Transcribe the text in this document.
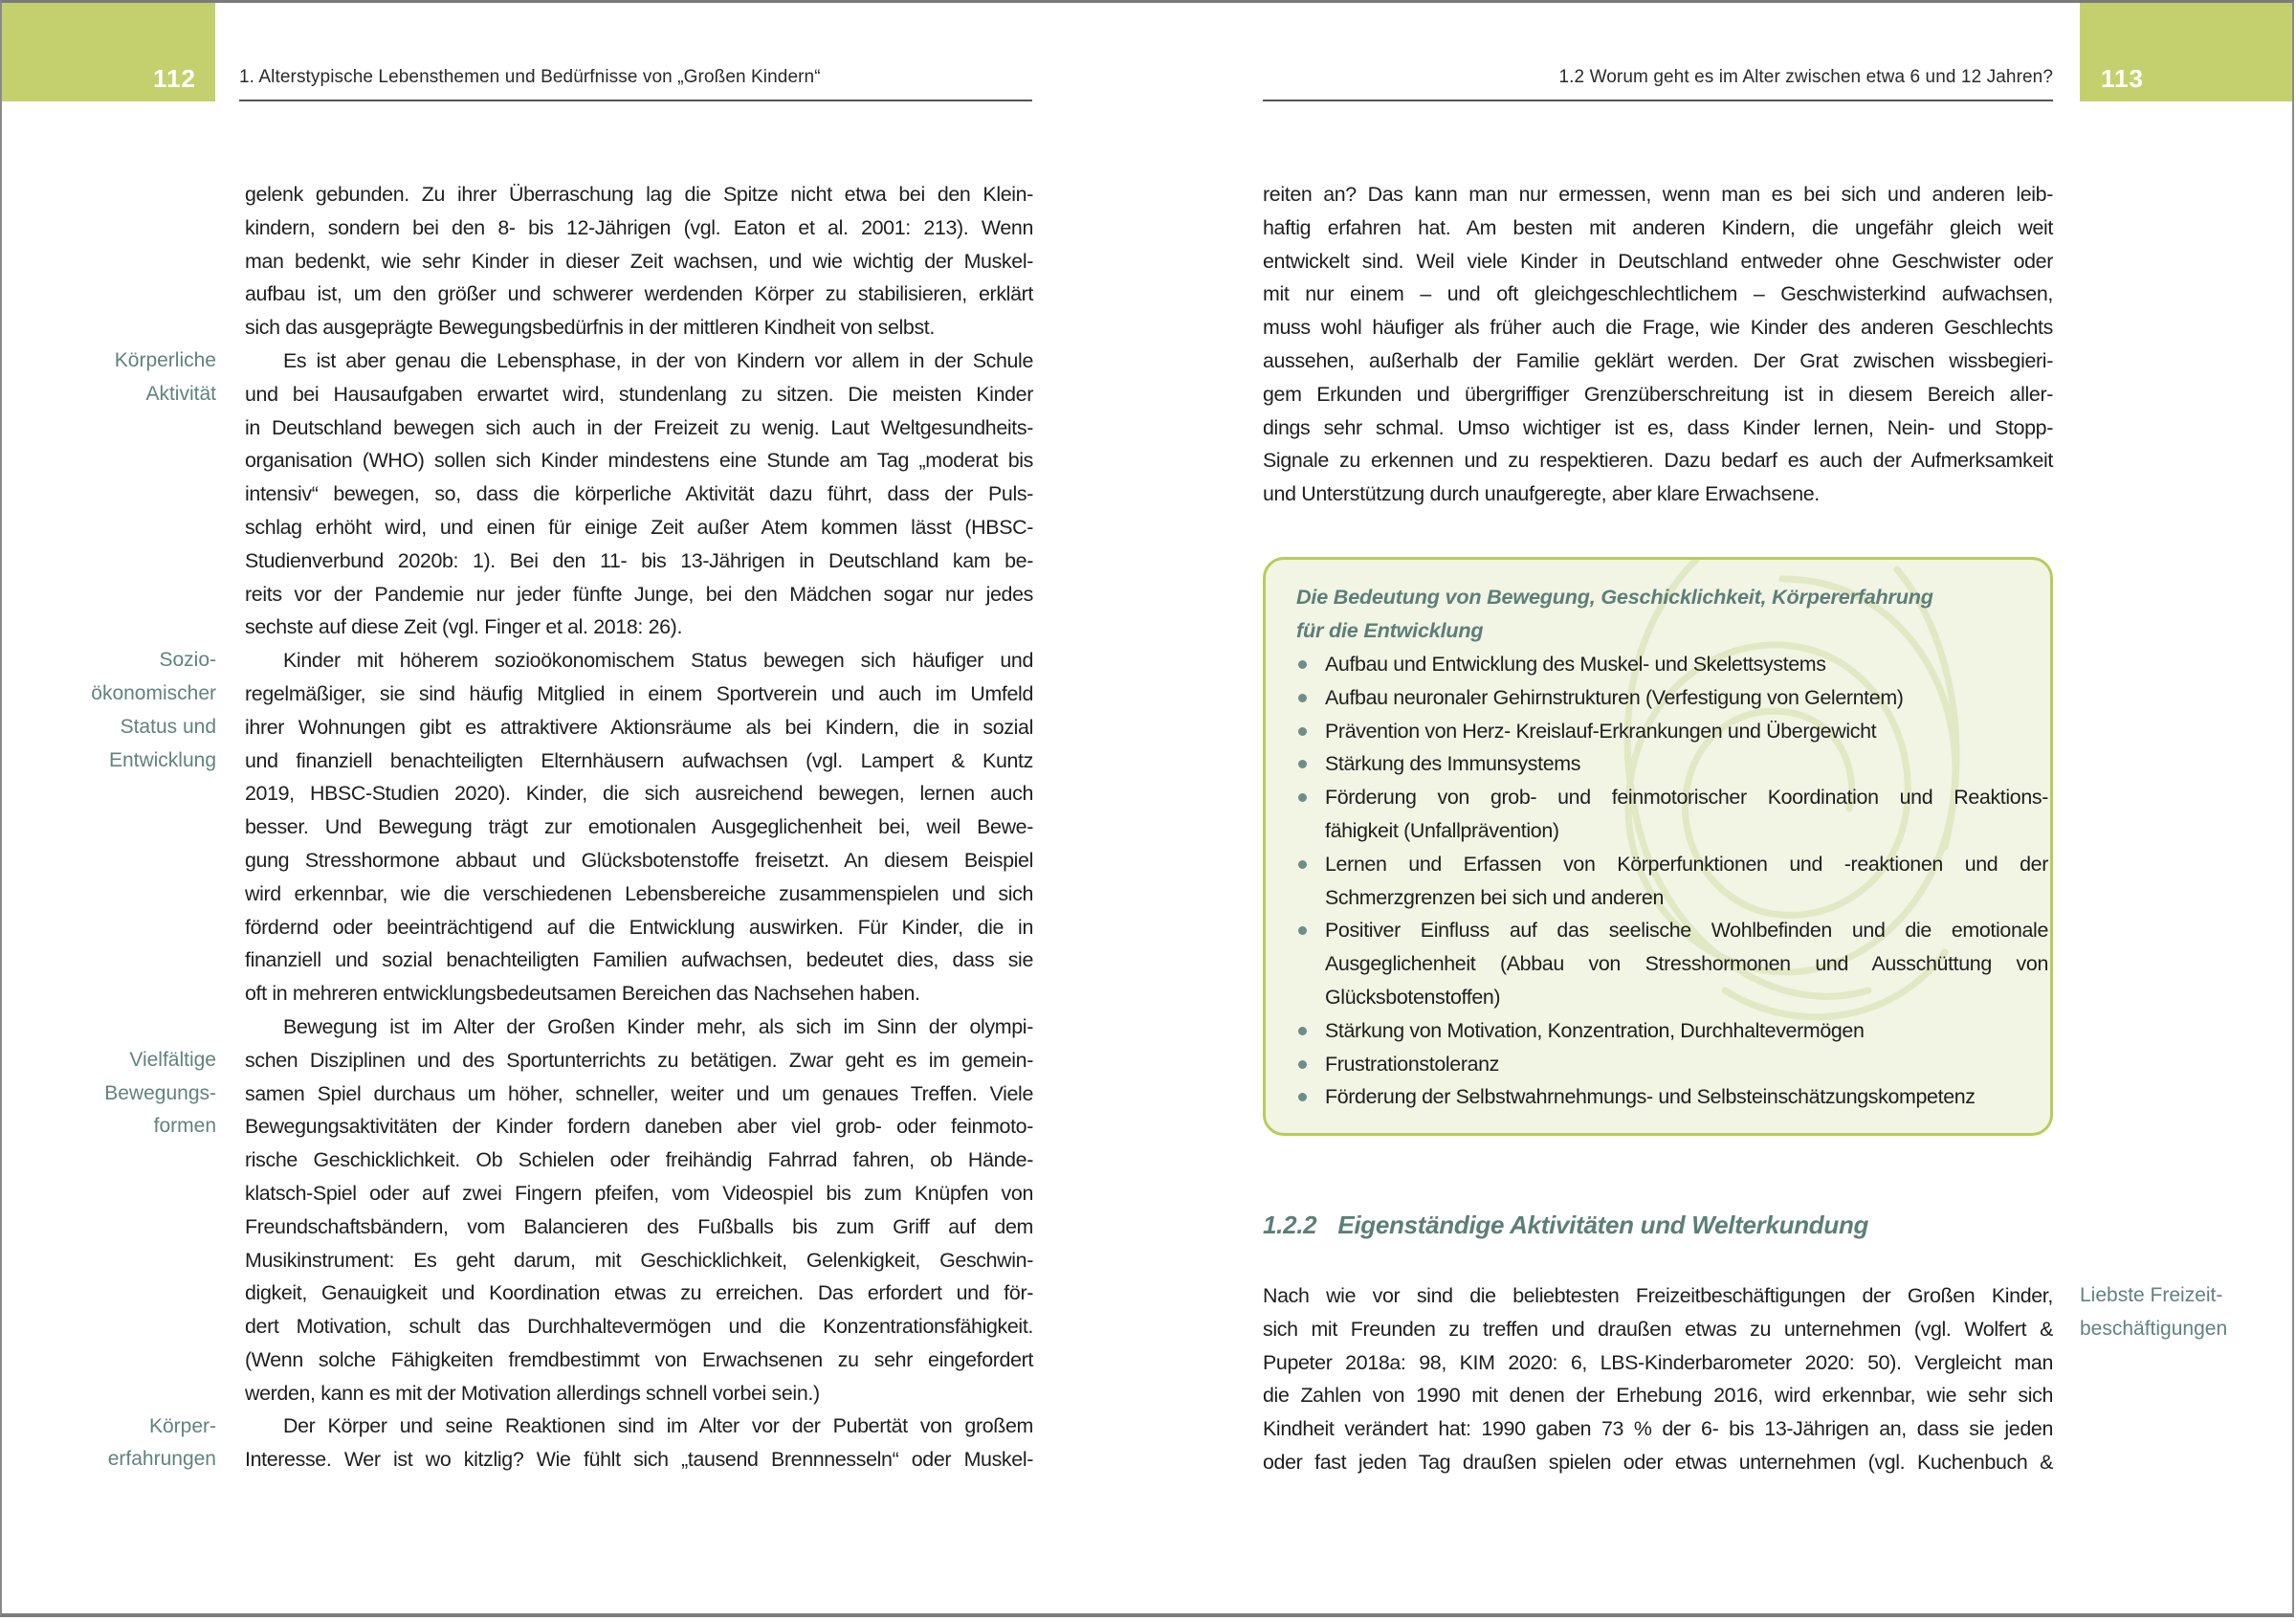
112	1. Alterstypische Lebensthemen und Bedürfnisse von „Großen Kindern“	1.2 Worum geht es im Alter zwischen etwa 6 und 12 Jahren?	113
gelenk gebunden. Zu ihrer Überraschung lag die Spitze nicht etwa bei den Klein-
kindern, sondern bei den 8- bis 12-Jährigen (vgl. Eaton et al. 2001: 213). Wenn
man bedenkt, wie sehr Kinder in dieser Zeit wachsen, und wie wichtig der Muskel-
aufbau ist, um den größer und schwerer werdenden Körper zu stabilisieren, erklärt
sich das ausgeprägte Bewegungsbedürfnis in der mittleren Kindheit von selbst.
Es ist aber genau die Lebensphase, in der von Kindern vor allem in der Schule
und bei Hausaufgaben erwartet wird, stundenlang zu sitzen. Die meisten Kinder
in Deutschland bewegen sich auch in der Freizeit zu wenig. Laut Weltgesundheits-
organisation (WHO) sollen sich Kinder mindestens eine Stunde am Tag „moderat bis
intensiv“ bewegen, so, dass die körperliche Aktivität dazu führt, dass der Puls-
schlag erhöht wird, und einen für einige Zeit außer Atem kommen lässt (HBSC-
Studienverbund 2020b: 1). Bei den 11- bis 13-Jährigen in Deutschland kam be-
reits vor der Pandemie nur jeder fünfte Junge, bei den Mädchen sogar nur jedes
sechste auf diese Zeit (vgl. Finger et al. 2018: 26).
Kinder mit höherem sozioökonomischem Status bewegen sich häufiger und
regelmäßiger, sie sind häufig Mitglied in einem Sportverein und auch im Umfeld
ihrer Wohnungen gibt es attraktivere Aktionsräume als bei Kindern, die in sozial
und finanziell benachteiligten Elternhäusern aufwachsen (vgl. Lampert & Kuntz
2019, HBSC-Studien 2020). Kinder, die sich ausreichend bewegen, lernen auch
besser. Und Bewegung trägt zur emotionalen Ausgeglichenheit bei, weil Bewe-
gung Stresshormone abbaut und Glücksbotenstoffe freisetzt. An diesem Beispiel
wird erkennbar, wie die verschiedenen Lebensbereiche zusammenspielen und sich
fördernd oder beeinträchtigend auf die Entwicklung auswirken. Für Kinder, die in
finanziell und sozial benachteiligten Familien aufwachsen, bedeutet dies, dass sie
oft in mehreren entwicklungsbedeutsamen Bereichen das Nachsehen haben.
Bewegung ist im Alter der Großen Kinder mehr, als sich im Sinn der olympi-
schen Disziplinen und des Sportunterrichts zu betätigen. Zwar geht es im gemein-
samen Spiel durchaus um höher, schneller, weiter und um genaues Treffen. Viele
Bewegungsaktivitäten der Kinder fordern daneben aber viel grob- oder feinmoto-
rische Geschicklichkeit. Ob Schielen oder freihändig Fahrrad fahren, ob Hände-
klatsch-Spiel oder auf zwei Fingern pfeifen, vom Videospiel bis zum Knüpfen von
Freundschaftsbändern, vom Balancieren des Fußballs bis zum Griff auf dem
Musikinstrument: Es geht darum, mit Geschicklichkeit, Gelenkigkeit, Geschwin-
digkeit, Genauigkeit und Koordination etwas zu erreichen. Das erfordert und för-
dert Motivation, schult das Durchhaltevermögen und die Konzentrationsfähigkeit.
(Wenn solche Fähigkeiten fremdbestimmt von Erwachsenen zu sehr eingefordert
werden, kann es mit der Motivation allerdings schnell vorbei sein.)
Der Körper und seine Reaktionen sind im Alter vor der Pubertät von großem
Interesse. Wer ist wo kitzlig? Wie fühlt sich „tausend Brennnesseln“ oder Muskel-
Körperliche
Aktivität
Sozio-
ökonomischer
Status und
Entwicklung
Vielfältige
Bewegungs-
formen
Körper-
erfahrungen
reiten an? Das kann man nur ermessen, wenn man es bei sich und anderen leib-
haftig erfahren hat. Am besten mit anderen Kindern, die ungefähr gleich weit
entwickelt sind. Weil viele Kinder in Deutschland entweder ohne Geschwister oder
mit nur einem – und oft gleichgeschlechtlichem – Geschwisterkind aufwachsen,
muss wohl häufiger als früher auch die Frage, wie Kinder des anderen Geschlechts
aussehen, außerhalb der Familie geklärt werden. Der Grat zwischen wissbegieri-
gem Erkunden und übergriffiger Grenzüberschreitung ist in diesem Bereich aller-
dings sehr schmal. Umso wichtiger ist es, dass Kinder lernen, Nein- und Stopp-
Signale zu erkennen und zu respektieren. Dazu bedarf es auch der Aufmerksamkeit
und Unterstützung durch unaufgeregte, aber klare Erwachsene.
Die Bedeutung von Bewegung, Geschicklichkeit, Körpererfahrung
für die Entwicklung
Aufbau und Entwicklung des Muskel- und Skelettsystems
Aufbau neuronaler Gehirnstrukturen (Verfestigung von Gelerntem)
Prävention von Herz- Kreislauf-Erkrankungen und Übergewicht
Stärkung des Immunsystems
Förderung von grob- und feinmotorischer Koordination und Reaktions-
fähigkeit (Unfallprävention)
Lernen und Erfassen von Körperfunktionen und -reaktionen und der
Schmerzgrenzen bei sich und anderen
Positiver Einfluss auf das seelische Wohlbefinden und die emotionale
Ausgeglichenheit (Abbau von Stresshormonen und Ausschüttung von
Glücksbotenstoffen)
Stärkung von Motivation, Konzentration, Durchhaltevermögen
Frustrationstoleranz
Förderung der Selbstwahrnehmungs- und Selbsteinschätzungskompetenz
1.2.2 Eigenständige Aktivitäten und Welterkundung
Nach wie vor sind die beliebtesten Freizeitbeschäftigungen der Großen Kinder,
sich mit Freunden zu treffen und draußen etwas zu unternehmen (vgl. Wolfert &
Pupeter 2018a: 98, KIM 2020: 6, LBS-Kinderbarometer 2020: 50). Vergleicht man
die Zahlen von 1990 mit denen der Erhebung 2016, wird erkennbar, wie sehr sich
Kindheit verändert hat: 1990 gaben 73 % der 6- bis 13-Jährigen an, dass sie jeden
oder fast jeden Tag draußen spielen oder etwas unternehmen (vgl. Kuchenbuch &
Liebste Freizeit-
beschäftigungen
